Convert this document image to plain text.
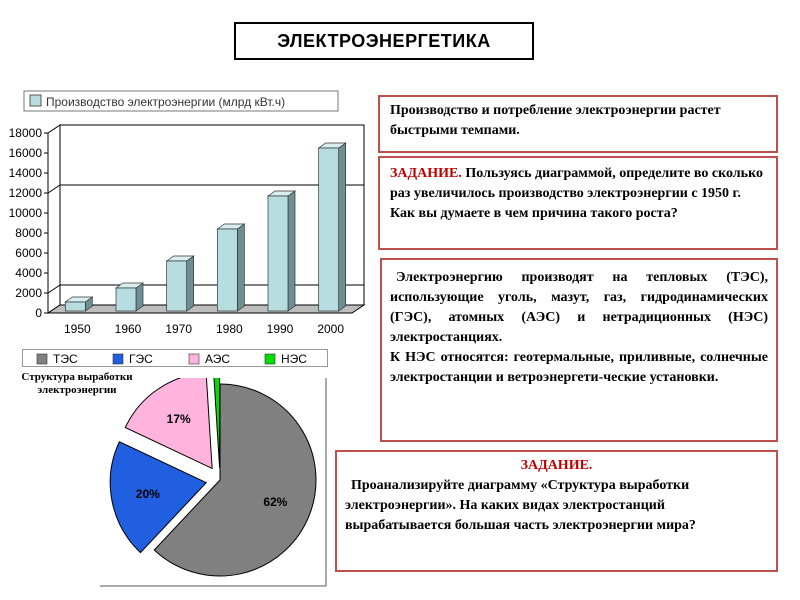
ЭЛЕКТРОЭНЕРГЕТИКА
Производство электроэнергии (млрд кВт.ч)
0
2000
4000
6000
8000
10000
12000
14000
16000
18000
1950 1960 1970 1980 1990 2000
ТЭС	ГЭС	АЭС	НЭС
Структура выработки электроэнергии
62%
20%
17%
Производство и потребление электроэнергии растет быстрыми темпами.
ЗАДАНИЕ. Пользуясь диаграммой, определите во сколько раз увеличилось производство электроэнергии с 1950 г. Как вы думаете в чем причина такого роста?
Электроэнергию производят на тепловых (ТЭС), использующие уголь, мазут, газ, гидродинамических (ГЭС), атомных (АЭС) и нетрадиционных (НЭС) электростанциях.
К НЭС относятся: геотермальные, приливные, солнечные электростанции и ветроэнергети-ческие установки.
ЗАДАНИЕ.
Проанализируйте диаграмму «Структура выработки электроэнергии». На каких видах электростанций вырабатывается большая часть электроэнергии мира?
